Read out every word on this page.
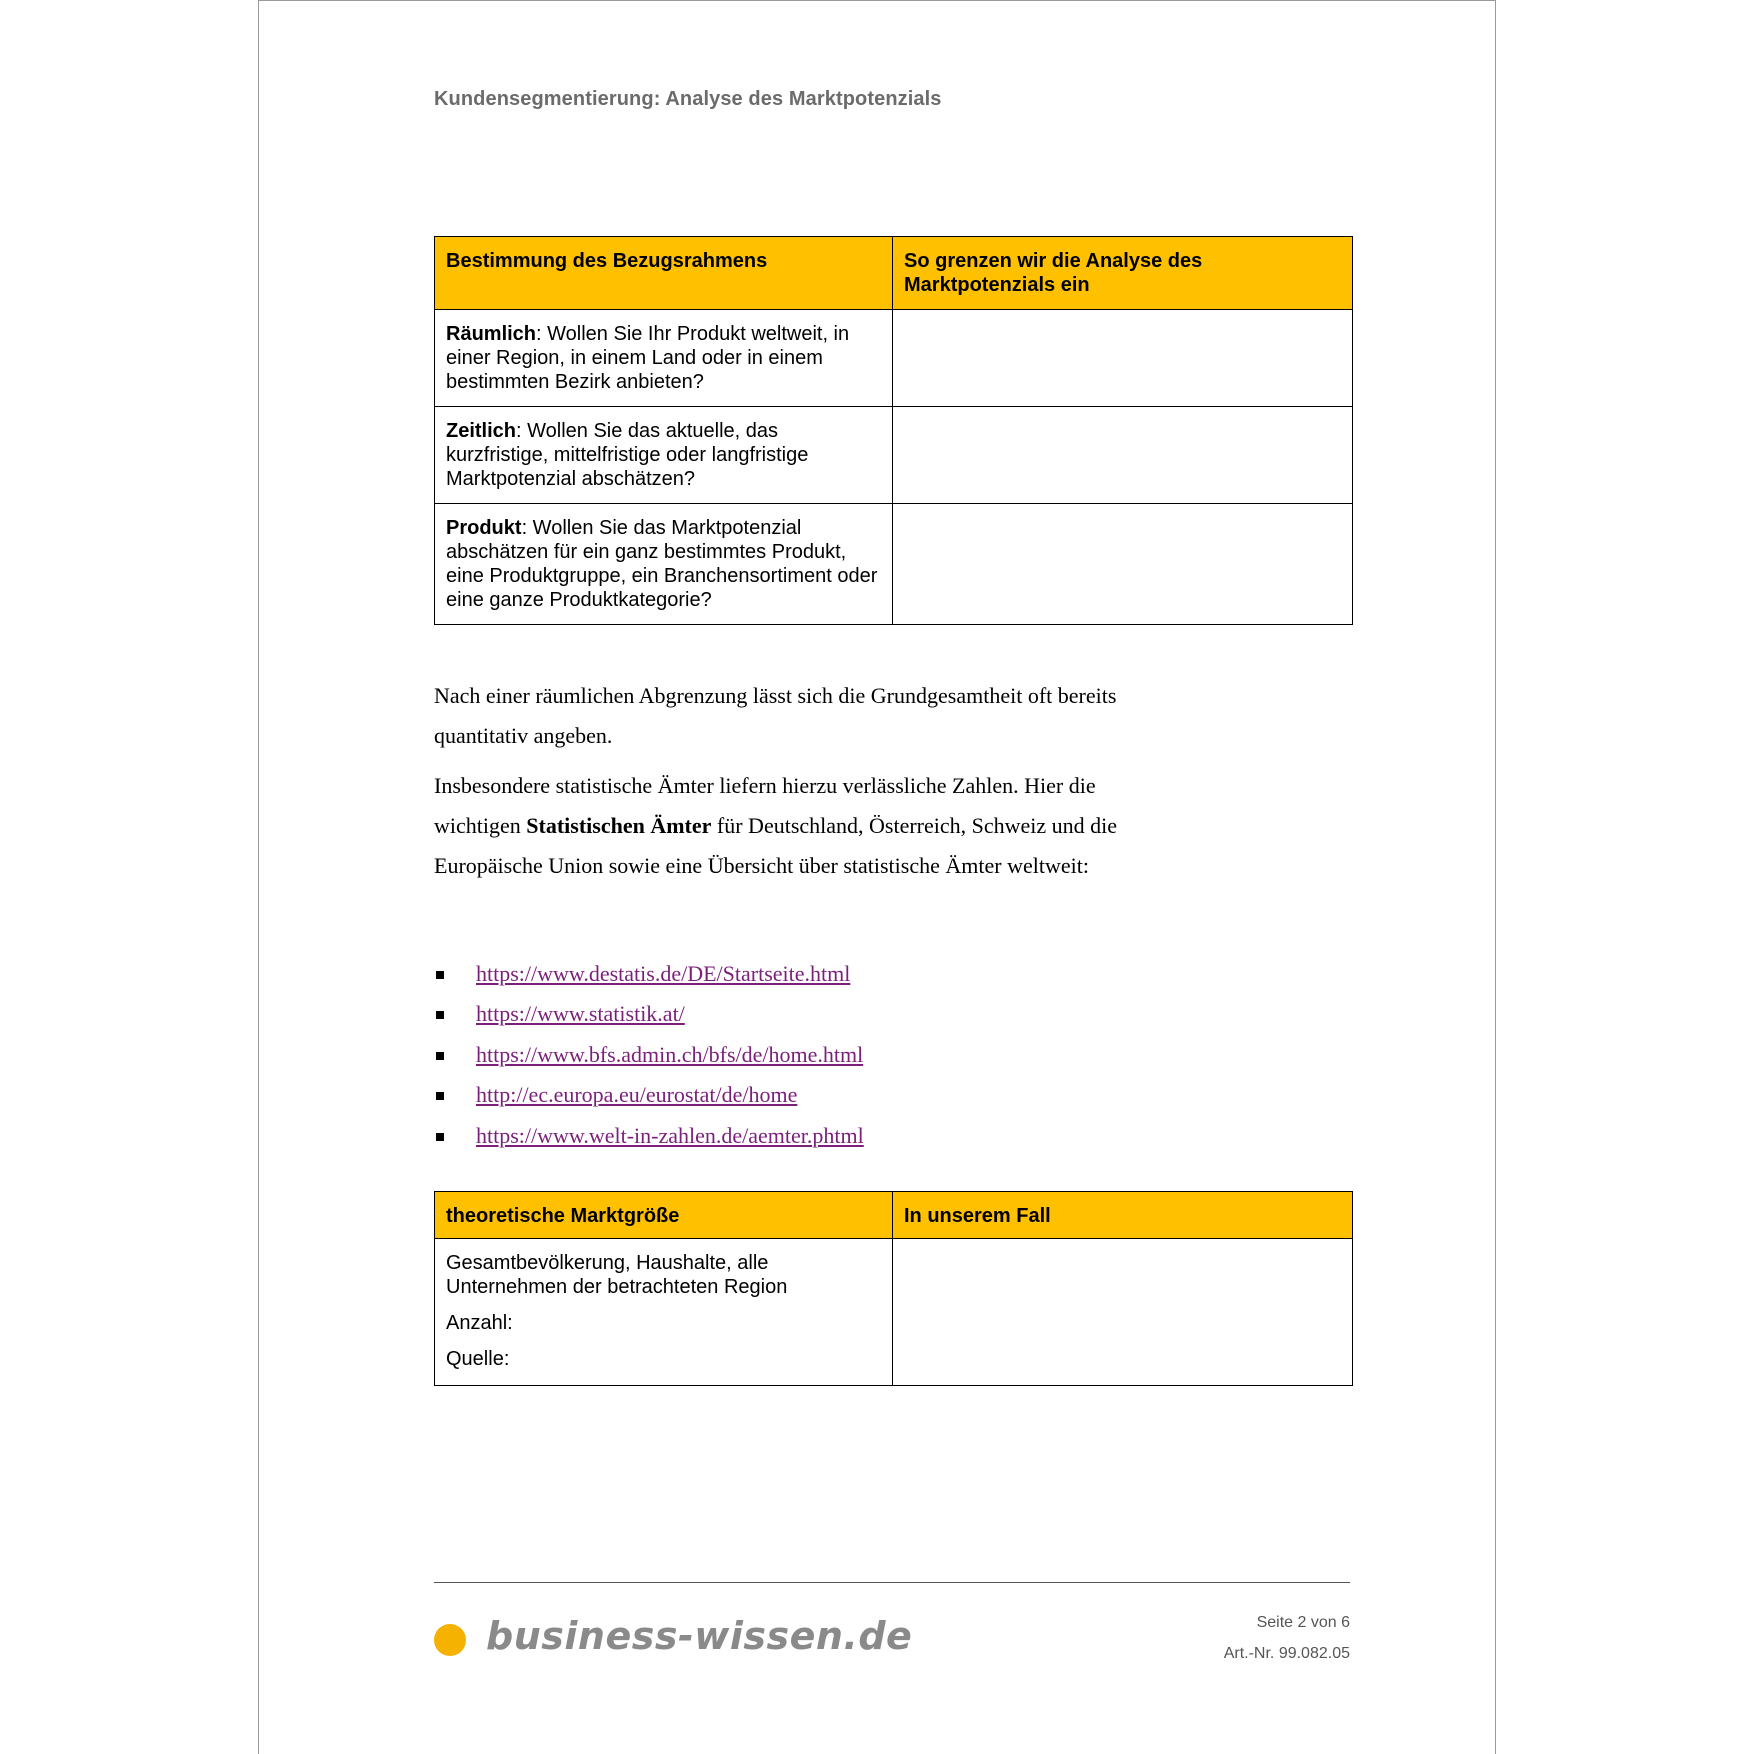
Kundensegmentierung: Analyse des Marktpotenzials
Bestimmung des Bezugsrahmens	So grenzen wir die Analyse des Marktpotenzials ein
Räumlich: Wollen Sie Ihr Produkt weltweit, in einer Region, in einem Land oder in einem bestimmten Bezirk anbieten?	
Zeitlich: Wollen Sie das aktuelle, das kurzfristige, mittelfristige oder langfristige Marktpotenzial abschätzen?	
Produkt: Wollen Sie das Marktpotenzial abschätzen für ein ganz bestimmtes Produkt, eine Produktgruppe, ein Branchensortiment oder eine ganze Produktkategorie?	

Nach einer räumlichen Abgrenzung lässt sich die Grundgesamtheit oft bereits quantitativ angeben.

Insbesondere statistische Ämter liefern hierzu verlässliche Zahlen. Hier die wichtigen Statistischen Ämter für Deutschland, Österreich, Schweiz und die Europäische Union sowie eine Übersicht über statistische Ämter weltweit:

https://www.destatis.de/DE/Startseite.html
https://www.statistik.at/
https://www.bfs.admin.ch/bfs/de/home.html
http://ec.europa.eu/eurostat/de/home
https://www.welt-in-zahlen.de/aemter.phtml
theoretische Marktgröße	In unserem Fall

Gesamtbevölkerung, Haushalte, alle Unternehmen der betrachteten Region
Anzahl:
Quelle:	

business-wissen.de	Seite 2 von 6
Art.-Nr. 99.082.05
